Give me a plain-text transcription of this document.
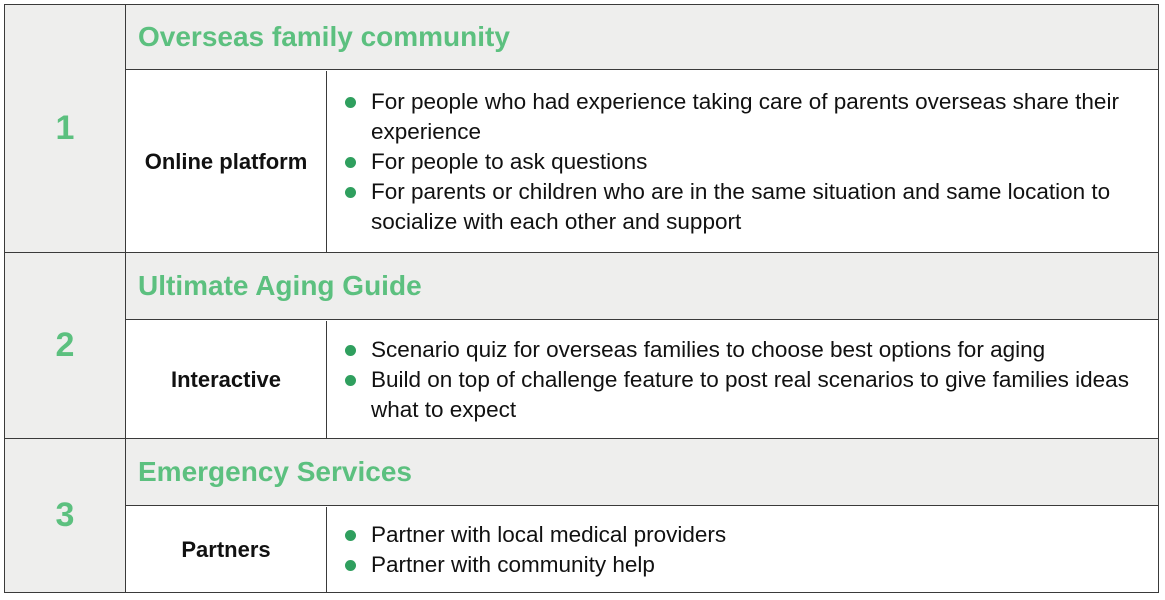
1
Overseas family community
Online platform
For people who had experience taking care of parents overseas share their experience
For people to ask questions
For parents or children who are in the same situation and same location to socialize with each other and support
2
Ultimate Aging Guide
Interactive
Scenario quiz for overseas families to choose best options for aging
Build on top of challenge feature to post real scenarios to give families ideas what to expect
3
Emergency Services
Partners
Partner with local medical providers
Partner with community help
